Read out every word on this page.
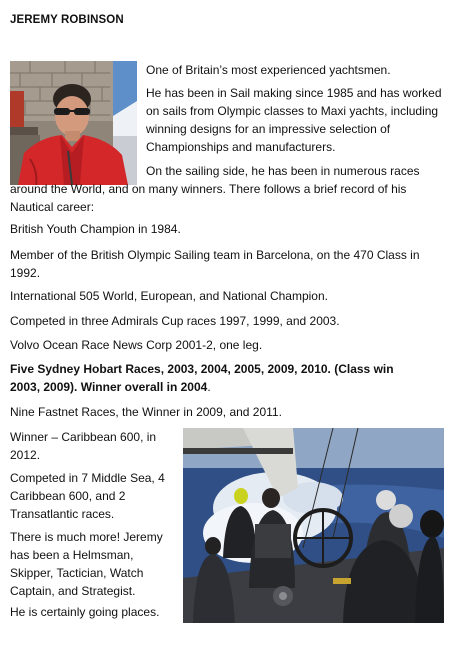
JEREMY ROBINSON

One of Britain’s most experienced yachtsmen.

He has been in Sail making since 1985 and has worked on sails from Olympic classes to Maxi yachts, including winning designs for an impressive selection of Championships and manufacturers.

On the sailing side, he has been in numerous races around the World, and on many winners. There follows a brief record of his Nautical career:

British Youth Champion in 1984.

Member of the British Olympic Sailing team in Barcelona, on the 470 Class in 1992.

International 505 World, European, and National Champion.

Competed in three Admirals Cup races 1997, 1999, and 2003.

Volvo Ocean Race News Corp 2001-2, one leg.

Five Sydney Hobart Races, 2003, 2004, 2005, 2009, 2010. (Class win 2003, 2009). Winner overall in 2004.

Nine Fastnet Races, the Winner in 2009, and 2011.

Winner – Caribbean 600, in 2012.

Competed in 7 Middle Sea, 4 Caribbean 600, and 2 Transatlantic races.

There is much more! Jeremy has been a Helmsman, Skipper, Tactician, Watch Captain, and Strategist.

He is certainly going places.
